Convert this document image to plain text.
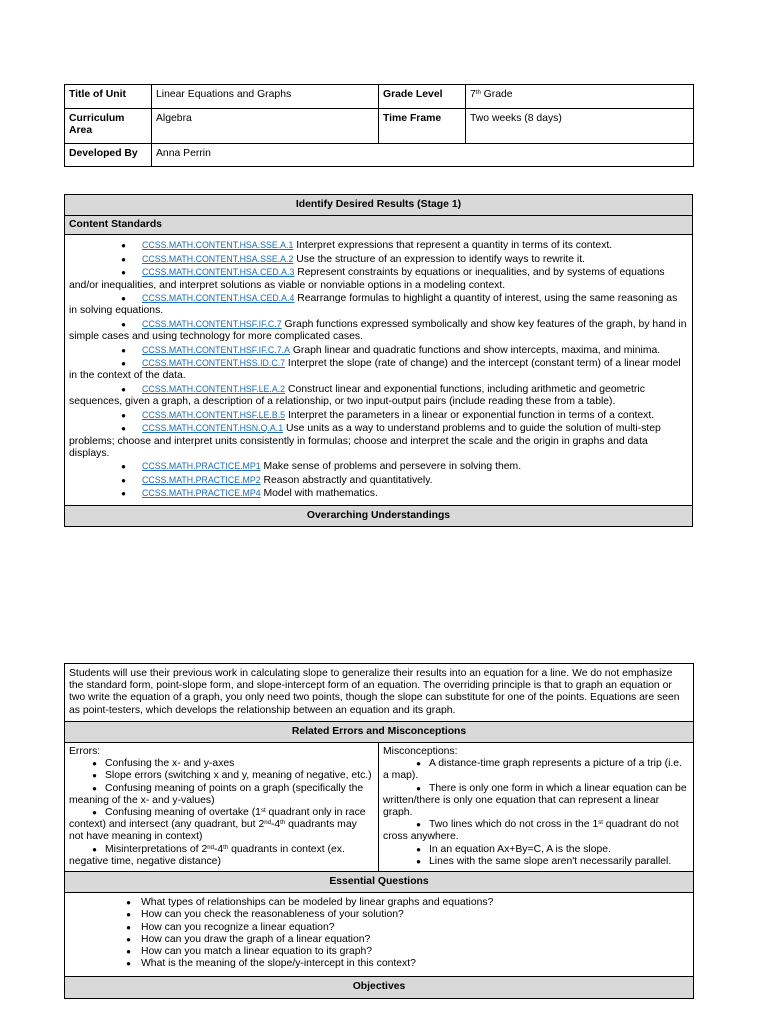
Title of Unit	Linear Equations and Graphs	Grade Level	7th Grade
Curriculum Area	Algebra	Time Frame	Two weeks (8 days)
Developed By	Anna Perrin		
Identify Desired Results (Stage 1)
Content Standards

● CCSS.MATH.CONTENT.HSA.SSE.A.1 Interpret expressions that represent a quantity in terms of its context.
● CCSS.MATH.CONTENT.HSA.SSE.A.2 Use the structure of an expression to identify ways to rewrite it.
● CCSS.MATH.CONTENT.HSA.CED.A.3 Represent constraints by equations or inequalities, and by systems of equations and/or inequalities, and interpret solutions as viable or nonviable options in a modeling context.
● CCSS.MATH.CONTENT.HSA.CED.A.4 Rearrange formulas to highlight a quantity of interest, using the same reasoning as in solving equations.
● CCSS.MATH.CONTENT.HSF.IF.C.7 Graph functions expressed symbolically and show key features of the graph, by hand in simple cases and using technology for more complicated cases.
● CCSS.MATH.CONTENT.HSF.IF.C.7.A Graph linear and quadratic functions and show intercepts, maxima, and minima.
● CCSS.MATH.CONTENT.HSS.ID.C.7 Interpret the slope (rate of change) and the intercept (constant term) of a linear model in the context of the data.
● CCSS.MATH.CONTENT.HSF.LE.A.2 Construct linear and exponential functions, including arithmetic and geometric sequences, given a graph, a description of a relationship, or two input-output pairs (include reading these from a table).
● CCSS.MATH.CONTENT.HSF.LE.B.5 Interpret the parameters in a linear or exponential function in terms of a context.
● CCSS.MATH.CONTENT.HSN.Q.A.1 Use units as a way to understand problems and to guide the solution of multi-step problems; choose and interpret units consistently in formulas; choose and interpret the scale and the origin in graphs and data displays.
● CCSS.MATH.PRACTICE.MP1 Make sense of problems and persevere in solving them.
● CCSS.MATH.PRACTICE.MP2 Reason abstractly and quantitatively.
● CCSS.MATH.PRACTICE.MP4 Model with mathematics.

Overarching Understandings
Students will use their previous work in calculating slope to generalize their results into an equation for a line. We do not emphasize the standard form, point-slope form, and slope-intercept form of an equation. The overriding principle is that to graph an equation or two write the equation of a graph, you only need two points, though the slope can substitute for one of the points. Equations are seen as point-testers, which develops the relationship between an equation and its graph.
Related Errors and Misconceptions

Errors:
● Confusing the x- and y-axes
● Slope errors (switching x and y, meaning of negative, etc.)
● Confusing meaning of points on a graph (specifically the meaning of the x- and y-values)
● Confusing meaning of overtake (1st quadrant only in race context) and intersect (any quadrant, but 2nd-4th quadrants may not have meaning in context)
● Misinterpretations of 2nd-4th quadrants in context (ex. negative time, negative distance)

Misconceptions:
● A distance-time graph represents a picture of a trip (i.e. a map).
● There is only one form in which a linear equation can be written/there is only one equation that can represent a linear graph.
● Two lines which do not cross in the 1st quadrant do not cross anywhere.
● In an equation Ax+By=C, A is the slope.
● Lines with the same slope aren't necessarily parallel.

Essential Questions

● What types of relationships can be modeled by linear graphs and equations?
● How can you check the reasonableness of your solution?
● How can you recognize a linear equation?
● How can you draw the graph of a linear equation?
● How can you match a linear equation to its graph?
● What is the meaning of the slope/y-intercept in this context?

Objectives
